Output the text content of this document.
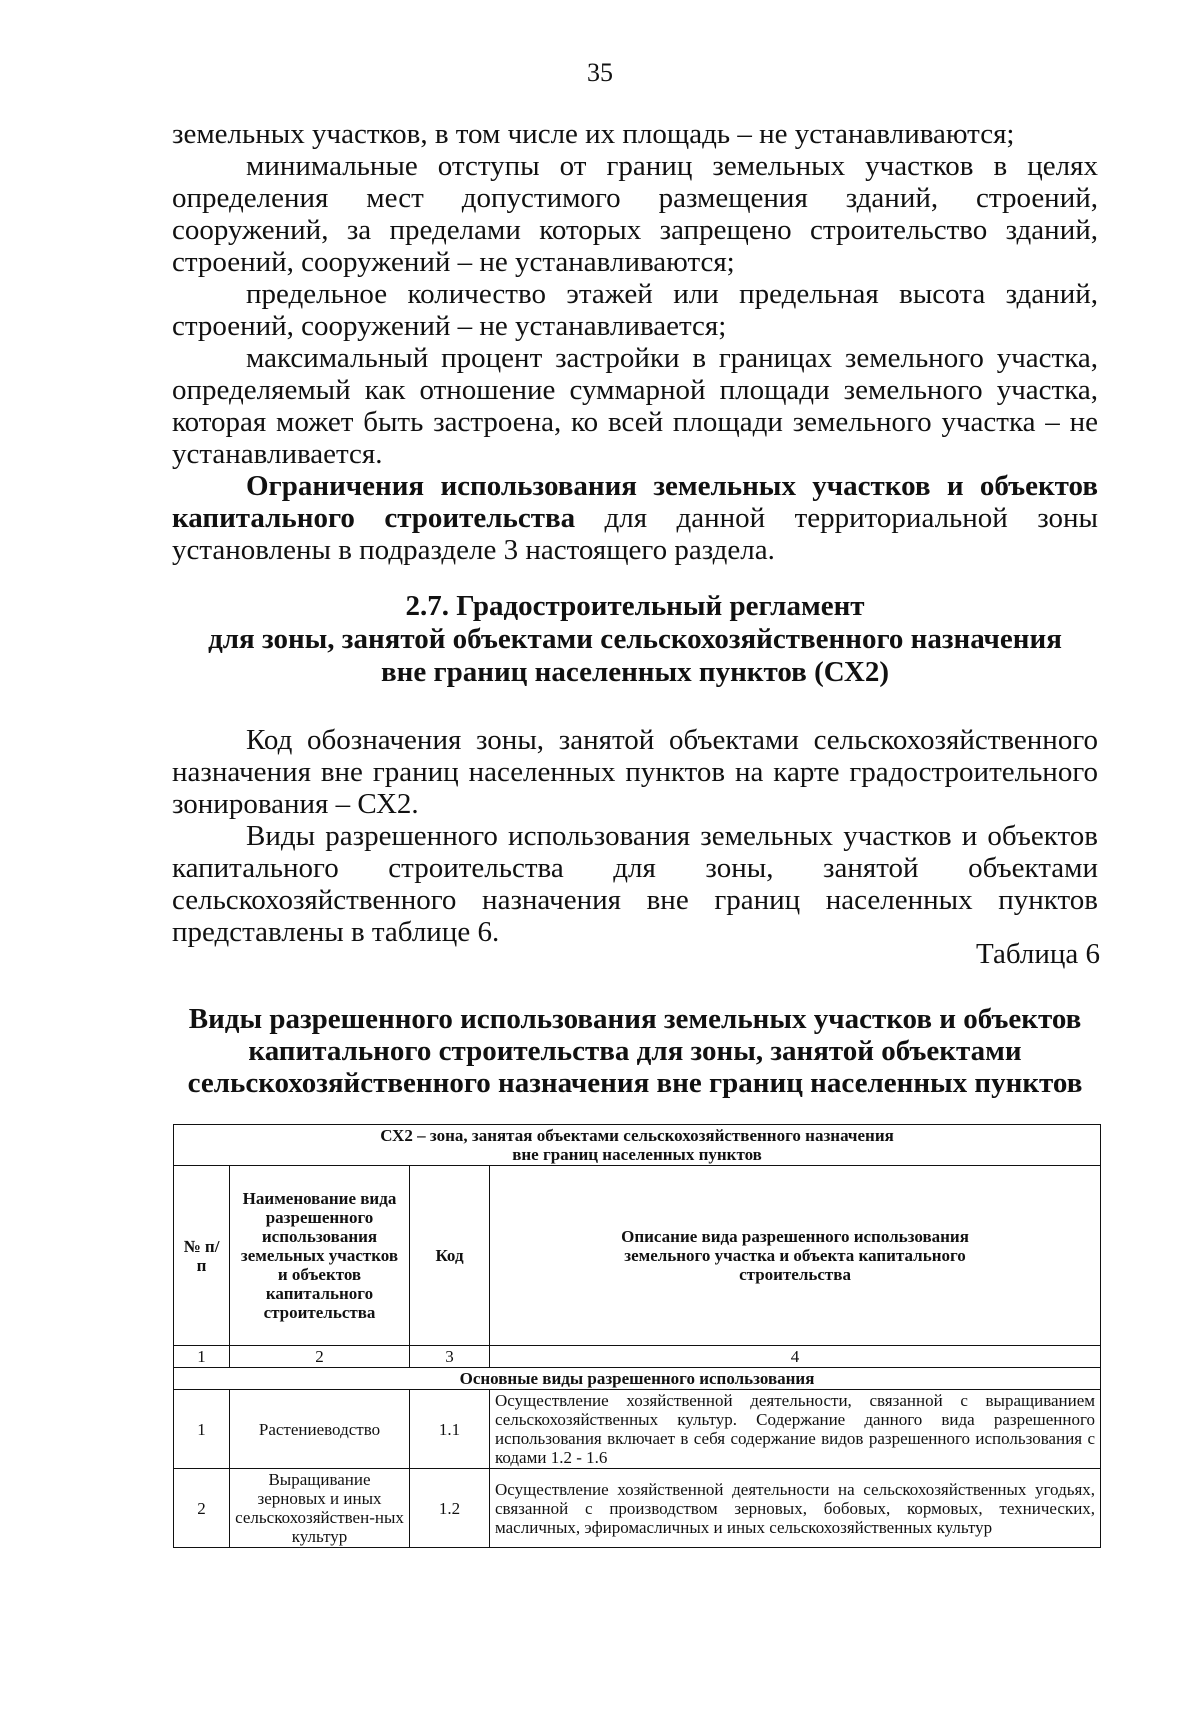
35

земельных участков, в том числе их площадь – не устанавливаются;

минимальные отступы от границ земельных участков в целях определения мест допустимого размещения зданий, строений, сооружений, за пределами которых запрещено строительство зданий, строений, сооружений – не устанавливаются;

предельное количество этажей или предельная высота зданий, строений, сооружений – не устанавливается;

максимальный процент застройки в границах земельного участка, определяемый как отношение суммарной площади земельного участка, которая может быть застроена, ко всей площади земельного участка – не устанавливается.

Ограничения использования земельных участков и объектов капитального строительства для данной территориальной зоны установлены в подразделе 3 настоящего раздела.

2.7. Градостроительный регламент
для зоны, занятой объектами сельскохозяйственного назначения
вне границ населенных пунктов (СХ2)

Код обозначения зоны, занятой объектами сельскохозяйственного назначения вне границ населенных пунктов на карте градостроительного зонирования – СХ2.

Виды разрешенного использования земельных участков и объектов капитального строительства для зоны, занятой объектами сельскохозяйственного назначения вне границ населенных пунктов представлены в таблице 6.

Таблица 6
Виды разрешенного использования земельных участков и объектов
капитального строительства для зоны, занятой объектами
сельскохозяйственного назначения вне границ населенных пунктов
СХ2 – зона, занятая объектами сельскохозяйственного назначения
вне границ населенных пунктов			

№ п/п	Наименование вида разрешенного использования земельных участков и объектов капитального строительства	Код	Описание вида разрешенного использования земельного участка и объекта капитального строительства
1	2	3	4
Основные виды разрешенного использования			
1	Растениеводство	1.1	Осуществление хозяйственной деятельности, связанной с выращиванием сельскохозяйственных культур. Содержание данного вида разрешенного использования включает в себя содержание видов разрешенного использования с кодами 1.2 - 1.6
2	Выращивание зерновых и иных сельскохозяйствен-ных культур	1.2	Осуществление хозяйственной деятельности на сельскохозяйственных угодьях, связанной с производством зерновых, бобовых, кормовых, технических, масличных, эфиромасличных и иных сельскохозяйственных культур
